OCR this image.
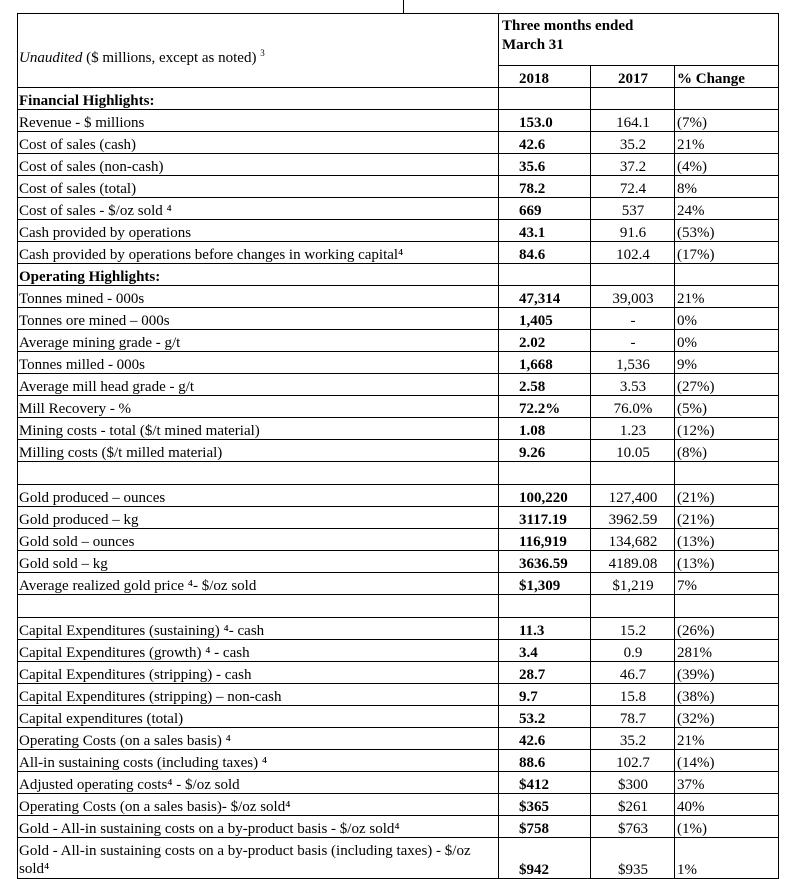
Unaudited ($ millions, except as noted) $^3$	Three months ended
March 31		

	2018	2017	% Change
Financial Highlights:			
Revenue - $ millions	153.0	164.1	(7%)
Cost of sales (cash)	42.6	35.2	21%
Cost of sales (non-cash)	35.6	37.2	(4%)
Cost of sales (total)	78.2	72.4	8%
Cost of sales - $/oz sold ⁴	669	537	24%
Cash provided by operations	43.1	91.6	(53%)
Cash provided by operations before changes in working capital⁴	84.6	102.4	(17%)
Operating Highlights:			
Tonnes mined - 000s	47,314	39,003	21%
Tonnes ore mined – 000s	1,405	-	0%
Average mining grade - g/t	2.02	-	0%
Tonnes milled - 000s	1,668	1,536	9%
Average mill head grade - g/t	2.58	3.53	(27%)
Mill Recovery - %	72.2%	76.0%	(5%)
Mining costs - total ($/t mined material)	1.08	1.23	(12%)
Milling costs ($/t milled material)	9.26	10.05	(8%)

Gold produced – ounces	100,220	127,400	(21%)
Gold produced – kg	3117.19	3962.59	(21%)
Gold sold – ounces	116,919	134,682	(13%)
Gold sold – kg	3636.59	4189.08	(13%)
Average realized gold price ⁴- $/oz sold	$1,309	$1,219	7%

Capital Expenditures (sustaining) ⁴- cash	11.3	15.2	(26%)
Capital Expenditures (growth) ⁴ - cash	3.4	0.9	281%
Capital Expenditures (stripping) - cash	28.7	46.7	(39%)
Capital Expenditures (stripping) – non-cash	9.7	15.8	(38%)
Capital expenditures (total)	53.2	78.7	(32%)
Operating Costs (on a sales basis) ⁴	42.6	35.2	21%
All-in sustaining costs (including taxes) ⁴	88.6	102.7	(14%)
Adjusted operating costs⁴ - $/oz sold	$412	$300	37%
Operating Costs (on a sales basis)- $/oz sold⁴	$365	$261	40%
Gold - All-in sustaining costs on a by-product basis - $/oz sold⁴	$758	$763	(1%)
Gold - All-in sustaining costs on a by-product basis (including taxes) - $/oz sold⁴	$942	$935	1%
